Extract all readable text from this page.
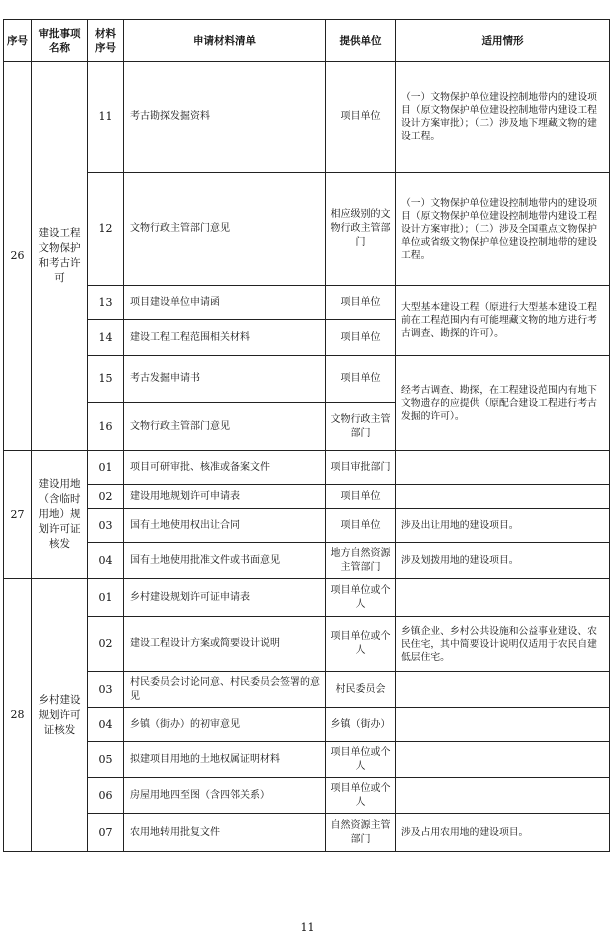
序号	审批事项名称	材料序号	申请材料清单	提供单位	适用情形
26	建设工程文物保护和考古许可	11	考古勘探发掘资料	项目单位	（一）文物保护单位建设控制地带内的建设项目（原文物保护单位建设控制地带内建设工程设计方案审批）；（二）涉及地下埋藏文物的建设工程。
		12	文物行政主管部门意见	相应级别的文物行政主管部门	（一）文物保护单位建设控制地带内的建设项目（原文物保护单位建设控制地带内建设工程设计方案审批）；（二）涉及全国重点文物保护单位或省级文物保护单位建设控制地带的建设工程。
		13	项目建设单位申请函	项目单位	大型基本建设工程（原进行大型基本建设工程前在工程范围内有可能埋藏文物的地方进行考古调查、勘探的许可）。
		14	建设工程工程范围相关材料	项目单位	
		15	考古发掘申请书	项目单位	经考古调查、勘探，在工程建设范围内有地下文物遗存的应提供（原配合建设工程进行考古发掘的许可）。
		16	文物行政主管部门意见	文物行政主管部门	
27	建设用地（含临时用地）规划许可证核发	01	项目可研审批、核准或备案文件	项目审批部门	
		02	建设用地规划许可申请表	项目单位	
		03	国有土地使用权出让合同	项目单位	涉及出让用地的建设项目。
		04	国有土地使用批准文件或书面意见	地方自然资源主管部门	涉及划拨用地的建设项目。
28	乡村建设规划许可证核发	01	乡村建设规划许可证申请表	项目单位或个人	
		02	建设工程设计方案或简要设计说明	项目单位或个人	乡镇企业、乡村公共设施和公益事业建设、农民住宅，其中简要设计说明仅适用于农民自建低层住宅。
		03	村民委员会讨论同意、村民委员会签署的意见	村民委员会	
		04	乡镇（街办）的初审意见	乡镇（街办）	
		05	拟建项目用地的土地权属证明材料	项目单位或个人	
		06	房屋用地四至图（含四邻关系）	项目单位或个人	
		07	农用地转用批复文件	自然资源主管部门	涉及占用农用地的建设项目。
11
